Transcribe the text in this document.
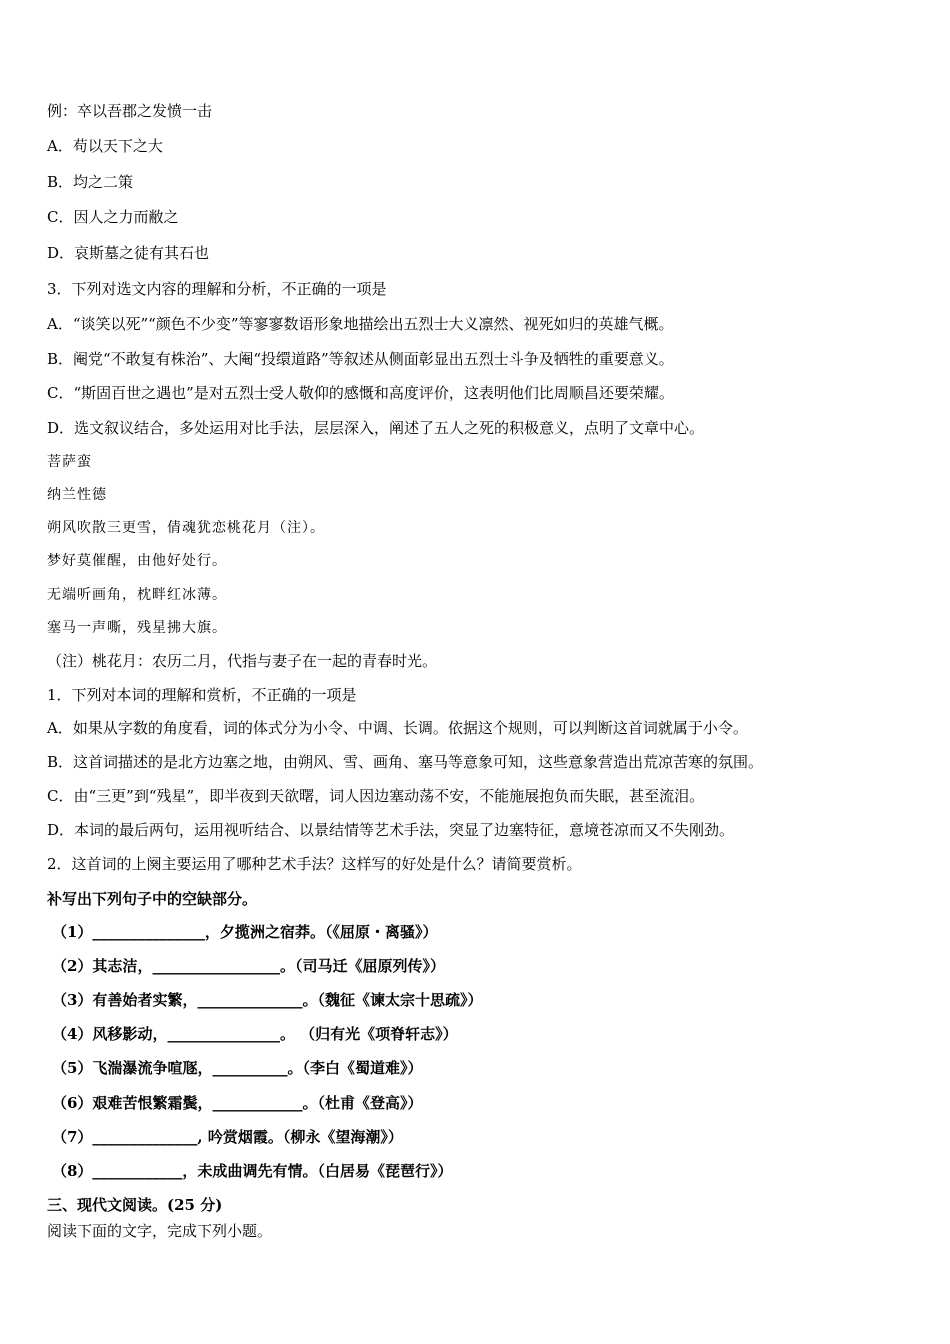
例：卒以吾郡之发愤一击
A．苟以天下之大
B．均之二策
C．因人之力而敝之
D．哀斯墓之徒有其石也
3．下列对选文内容的理解和分析，不正确的一项是
A．“谈笑以死”“颜色不少变”等寥寥数语形象地描绘出五烈士大义凛然、视死如归的英雄气概。
B．阉党“不敢复有株治”、大阉“投缳道路”等叙述从侧面彰显出五烈士斗争及牺牲的重要意义。
C．“斯固百世之遇也”是对五烈士受人敬仰的感慨和高度评价，这表明他们比周顺昌还要荣耀。
D．选文叙议结合，多处运用对比手法，层层深入，阐述了五人之死的积极意义，点明了文章中心。
菩萨蛮
纳兰性德
朔风吹散三更雪，倩魂犹恋桃花月（注）。
梦好莫催醒，由他好处行。
无端听画角，枕畔红冰薄。
塞马一声嘶，残星拂大旗。
（注）桃花月：农历二月，代指与妻子在一起的青春时光。
1．下列对本词的理解和赏析，不正确的一项是
A．如果从字数的角度看，词的体式分为小令、中调、长调。依据这个规则，可以判断这首词就属于小令。
B．这首词描述的是北方边塞之地，由朔风、雪、画角、塞马等意象可知，这些意象营造出荒凉苦寒的氛围。
C．由“三更”到“残星”，即半夜到天欲曙，词人因边塞动荡不安，不能施展抱负而失眠，甚至流泪。
D．本词的最后两句，运用视听结合、以景结情等艺术手法，突显了边塞特征，意境苍凉而又不失刚劲。
2．这首词的上阕主要运用了哪种艺术手法？这样写的好处是什么？请简要赏析。
补写出下列句子中的空缺部分。
（1）_______________，夕揽洲之宿莽。（《屈原・离骚》）
（2）其志洁，_________________。（司马迁《屈原列传》）
（3）有善始者实繁，______________。（魏征《谏太宗十思疏》）
（4）风移影动，_______________。 （归有光《项脊轩志》）
（5）飞湍瀑流争喧豗，__________。（李白《蜀道难》）
（6）艰难苦恨繁霜鬓，____________。（杜甫《登高》）
（7）______________, 吟赏烟霞。（柳永《望海潮》）
（8）____________，未成曲调先有情。（白居易《琵琶行》）
三、现代文阅读。(25 分)
阅读下面的文字，完成下列小题。
